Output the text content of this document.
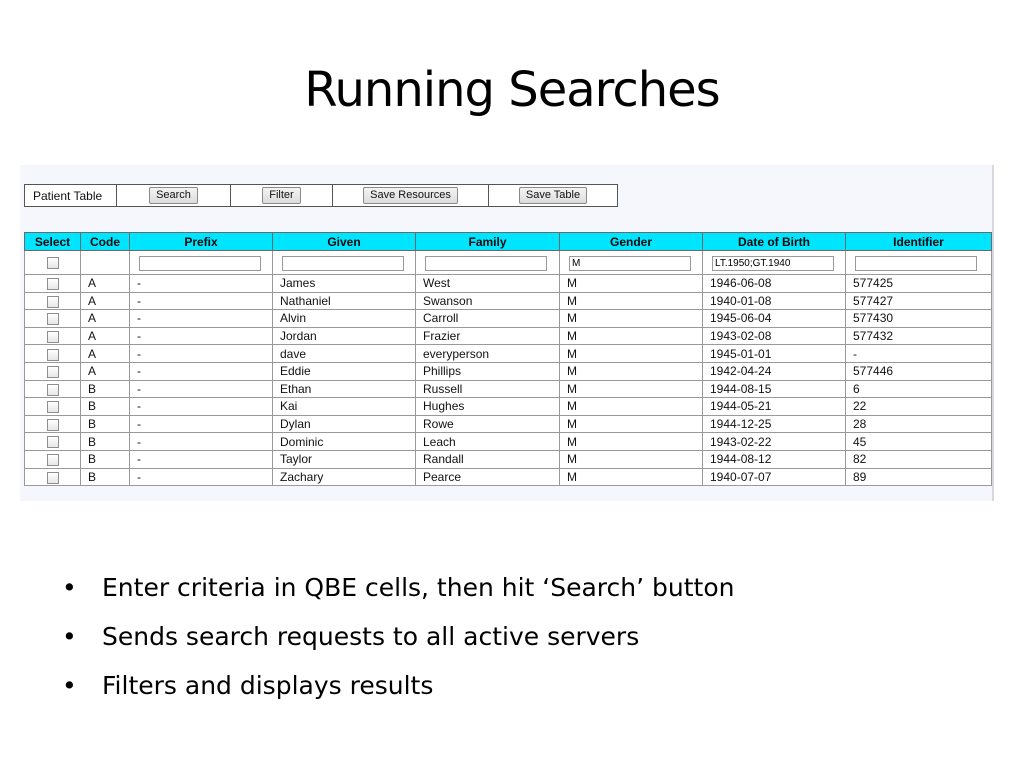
Running Searches
Patient Table	Search	Filter	Save Resources	Save Table
Select	Code	Prefix	Given	Family	Gender	Date of Birth	Identifier
					M	LT.1950;GT.1940	
	A	-	James	West	M	1946-06-08	577425
	A	-	Nathaniel	Swanson	M	1940-01-08	577427
	A	-	Alvin	Carroll	M	1945-06-04	577430
	A	-	Jordan	Frazier	M	1943-02-08	577432
	A	-	dave	everyperson	M	1945-01-01	-
	A	-	Eddie	Phillips	M	1942-04-24	577446
	B	-	Ethan	Russell	M	1944-08-15	6
	B	-	Kai	Hughes	M	1944-05-21	22
	B	-	Dylan	Rowe	M	1944-12-25	28
	B	-	Dominic	Leach	M	1943-02-22	45
	B	-	Taylor	Randall	M	1944-08-12	82
	B	-	Zachary	Pearce	M	1940-07-07	89
• Enter criteria in QBE cells, then hit ‘Search’ button
• Sends search requests to all active servers
• Filters and displays results
